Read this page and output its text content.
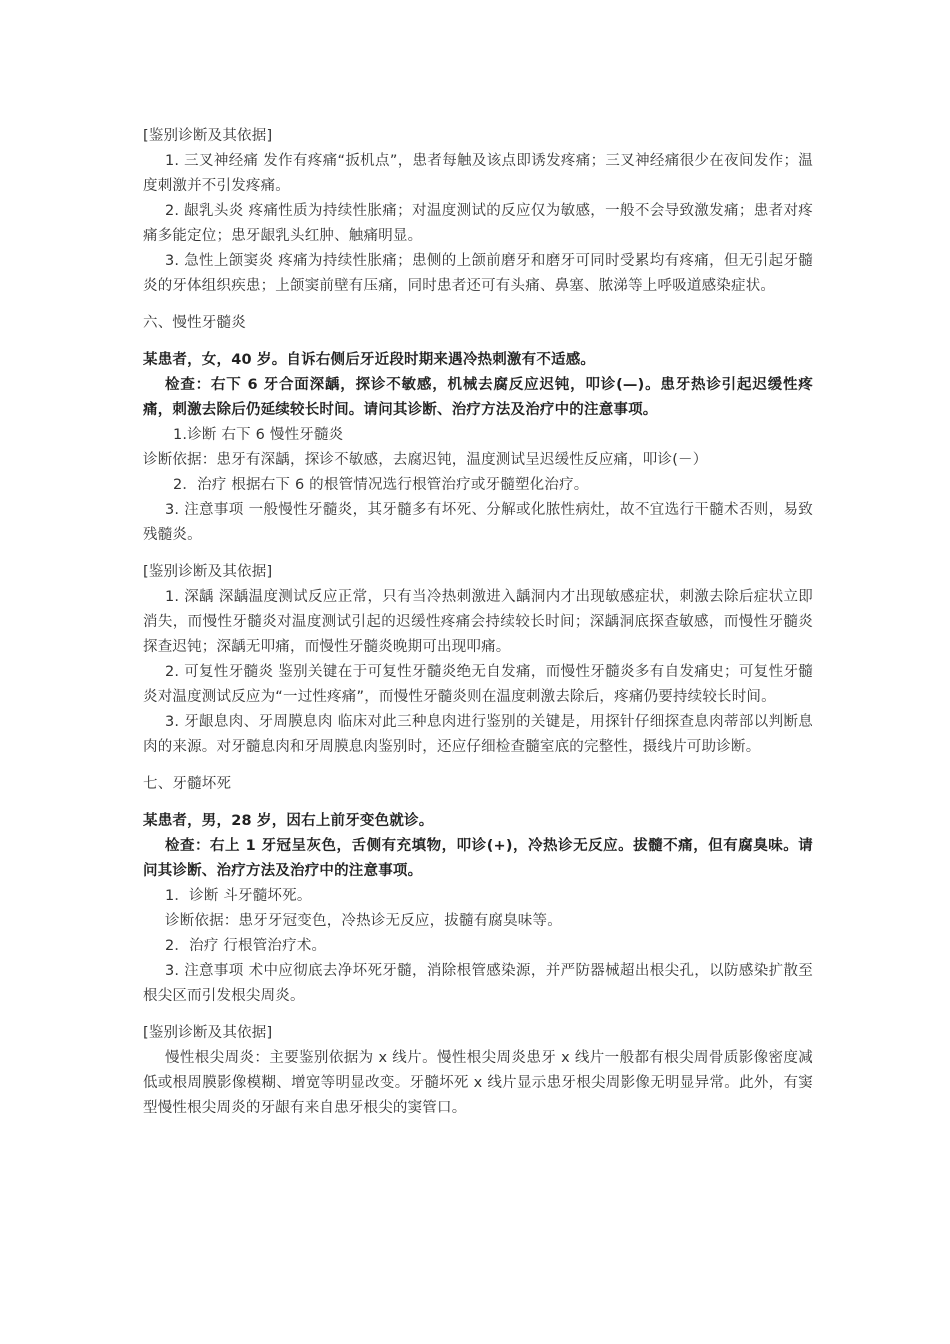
[鉴别诊断及其依据]

1. 三叉神经痛 发作有疼痛“扳机点”，患者每触及该点即诱发疼痛；三叉神经痛很少在夜间发作；温度刺激并不引发疼痛。

2. 龈乳头炎 疼痛性质为持续性胀痛；对温度测试的反应仅为敏感，一般不会导致激发痛；患者对疼痛多能定位；患牙龈乳头红肿、触痛明显。

3. 急性上颌窦炎 疼痛为持续性胀痛；患侧的上颌前磨牙和磨牙可同时受累均有疼痛，但无引起牙髓炎的牙体组织疾患；上颌窦前壁有压痛，同时患者还可有头痛、鼻塞、脓涕等上呼吸道感染症状。

六、慢性牙髓炎

某患者，女，40 岁。自诉右侧后牙近段时期来遇冷热刺激有不适感。

检查：右下 6 牙合面深龋，探诊不敏感，机械去腐反应迟钝，叩诊(—)。患牙热诊引起迟缓性疼痛，刺激去除后仍延续较长时间。请问其诊断、治疗方法及治疗中的注意事项。

1.诊断 右下 6 慢性牙髓炎

诊断依据：患牙有深龋，探诊不敏感，去腐迟钝，温度测试呈迟缓性反应痛，叩诊(－）

2．治疗 根据右下 6 的根管情况选行根管治疗或牙髓塑化治疗。

3. 注意事项 一般慢性牙髓炎，其牙髓多有坏死、分解或化脓性病灶，故不宜选行干髓术否则，易致残髓炎。

[鉴别诊断及其依据]

1. 深龋 深龋温度测试反应正常，只有当冷热刺激进入龋洞内才出现敏感症状，刺激去除后症状立即消失，而慢性牙髓炎对温度测试引起的迟缓性疼痛会持续较长时间；深龋洞底探查敏感，而慢性牙髓炎探查迟钝；深龋无叩痛，而慢性牙髓炎晚期可出现叩痛。

2. 可复性牙髓炎 鉴别关键在于可复性牙髓炎绝无自发痛，而慢性牙髓炎多有自发痛史；可复性牙髓炎对温度测试反应为“一过性疼痛”，而慢性牙髓炎则在温度刺激去除后，疼痛仍要持续较长时间。

3. 牙龈息肉、牙周膜息肉 临床对此三种息肉进行鉴别的关键是，用探针仔细探查息肉蒂部以判断息肉的来源。对牙髓息肉和牙周膜息肉鉴别时，还应仔细检查髓室底的完整性，摄线片可助诊断。

七、牙髓坏死

某患者，男，28 岁，因右上前牙变色就诊。

检查：右上 1 牙冠呈灰色，舌侧有充填物，叩诊(+)，冷热诊无反应。拔髓不痛，但有腐臭味。请问其诊断、治疗方法及治疗中的注意事项。

1．诊断 斗牙髓坏死。

诊断依据：患牙牙冠变色，冷热诊无反应，拔髓有腐臭味等。

2．治疗 行根管治疗术。

3. 注意事项 术中应彻底去净坏死牙髓，消除根管感染源，并严防器械超出根尖孔，以防感染扩散至根尖区而引发根尖周炎。

[鉴别诊断及其依据]

慢性根尖周炎：主要鉴别依据为 x 线片。慢性根尖周炎患牙 x 线片一般都有根尖周骨质影像密度减低或根周膜影像模糊、增宽等明显改变。牙髓坏死 x 线片显示患牙根尖周影像无明显异常。此外，有窦型慢性根尖周炎的牙龈有来自患牙根尖的窦管口。
